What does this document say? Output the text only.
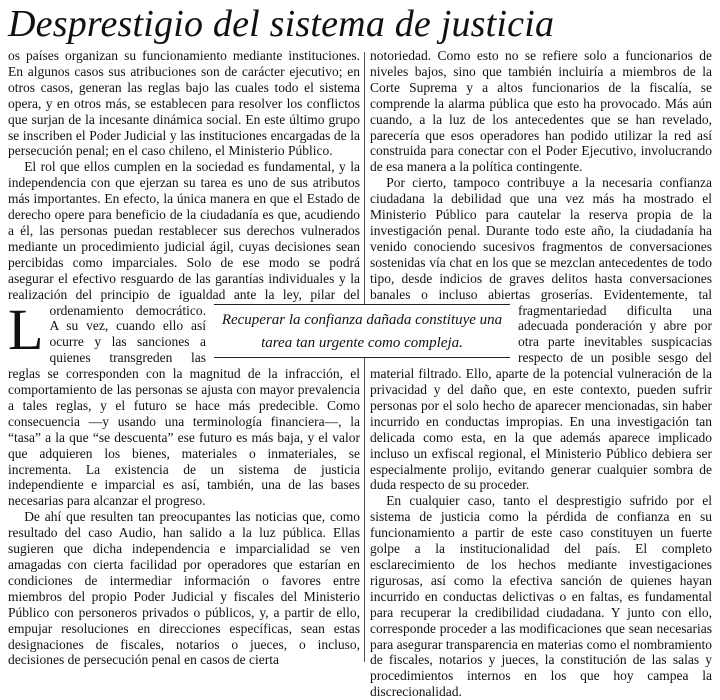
Desprestigio del sistema de justicia

L
os países organizan su funcionamiento mediante instituciones. En algunos casos sus atribuciones son de carácter ejecutivo; en otros casos, generan las reglas bajo las cuales todo el sistema opera, y en otros más, se establecen para resolver los conflictos que surjan de la incesante dinámica social. En este último grupo se inscriben el Poder Judicial y las instituciones encargadas de la persecución penal; en el caso chileno, el Ministerio Público.

El rol que ellos cumplen en la sociedad es fundamental, y la independencia con que ejerzan su tarea es uno de sus atributos más importantes. En efecto, la única manera en que el Estado de derecho opere para beneficio de la ciudadanía es que, acudiendo a él, las personas puedan restablecer sus derechos vulnerados mediante un procedimiento judicial ágil, cuyas decisiones sean percibidas como imparciales. Solo de ese modo se podrá asegurar el efectivo resguardo de las garantías individuales y la realización del principio de igualdad ante la ley, pilar del ordenamiento democrático. A su vez, cuando ello así ocurre y las sanciones a quienes transgreden las reglas se corresponden con la magnitud de la infracción, el comportamiento de las personas se ajusta con mayor prevalencia a tales reglas, y el futuro se hace más predecible. Como consecuencia —y usando una terminología financiera—, la “tasa” a la que “se descuenta” ese futuro es más baja, y el valor que adquieren los bienes, materiales o inmateriales, se incrementa. La existencia de un sistema de justicia independiente e imparcial es así, también, una de las bases necesarias para alcanzar el progreso.

De ahí que resulten tan preocupantes las noticias que, como resultado del caso Audio, han salido a la luz pública. Ellas sugieren que dicha independencia e imparcialidad se ven amagadas con cierta facilidad por operadores que estarían en condiciones de intermediar información o favores entre miembros del propio Poder Judicial y fiscales del Ministerio Público con personeros privados o públicos, y, a partir de ello, empujar resoluciones en direcciones específicas, sean estas designaciones de fiscales, notarios o jueces, o incluso, decisiones de persecución penal en casos de cierta

notoriedad. Como esto no se refiere solo a funcionarios de niveles bajos, sino que también incluiría a miembros de la Corte Suprema y a altos funcionarios de la fiscalía, se comprende la alarma pública que esto ha provocado. Más aún cuando, a la luz de los antecedentes que se han revelado, parecería que esos operadores han podido utilizar la red así construida para conectar con el Poder Ejecutivo, involucrando de esa manera a la política contingente.

Por cierto, tampoco contribuye a la necesaria confianza ciudadana la debilidad que una vez más ha mostrado el Ministerio Público para cautelar la reserva propia de la investigación penal. Durante todo este año, la ciudadanía ha venido conociendo sucesivos fragmentos de conversaciones sostenidas vía chat en los que se mezclan antecedentes de todo tipo, desde indicios de graves delitos hasta conversaciones banales o incluso abiertas groserías. Evidentemente, tal fragmentariedad dificulta una adecuada ponderación y abre por otra parte inevitables suspicacias respecto de un posible sesgo del material filtrado. Ello, aparte de la potencial vulneración de la privacidad y del daño que, en este contexto, pueden sufrir personas por el solo hecho de aparecer mencionadas, sin haber incurrido en conductas impropias. En una investigación tan delicada como esta, en la que además aparece implicado incluso un exfiscal regional, el Ministerio Público debiera ser especialmente prolijo, evitando generar cualquier sombra de duda respecto de su proceder.

En cualquier caso, tanto el desprestigio sufrido por el sistema de justicia como la pérdida de confianza en su funcionamiento a partir de este caso constituyen un fuerte golpe a la institucionalidad del país. El completo esclarecimiento de los hechos mediante investigaciones rigurosas, así como la efectiva sanción de quienes hayan incurrido en conductas delictivas o en faltas, es fundamental para recuperar la credibilidad ciudadana. Y junto con ello, corresponde proceder a las modificaciones que sean necesarias para asegurar transparencia en materias como el nombramiento de fiscales, notarios y jueces, la constitución de las salas y procedimientos internos en los que hoy campea la discrecionalidad.

Recuperar la confianza dañada constituye una tarea tan urgente como compleja.
